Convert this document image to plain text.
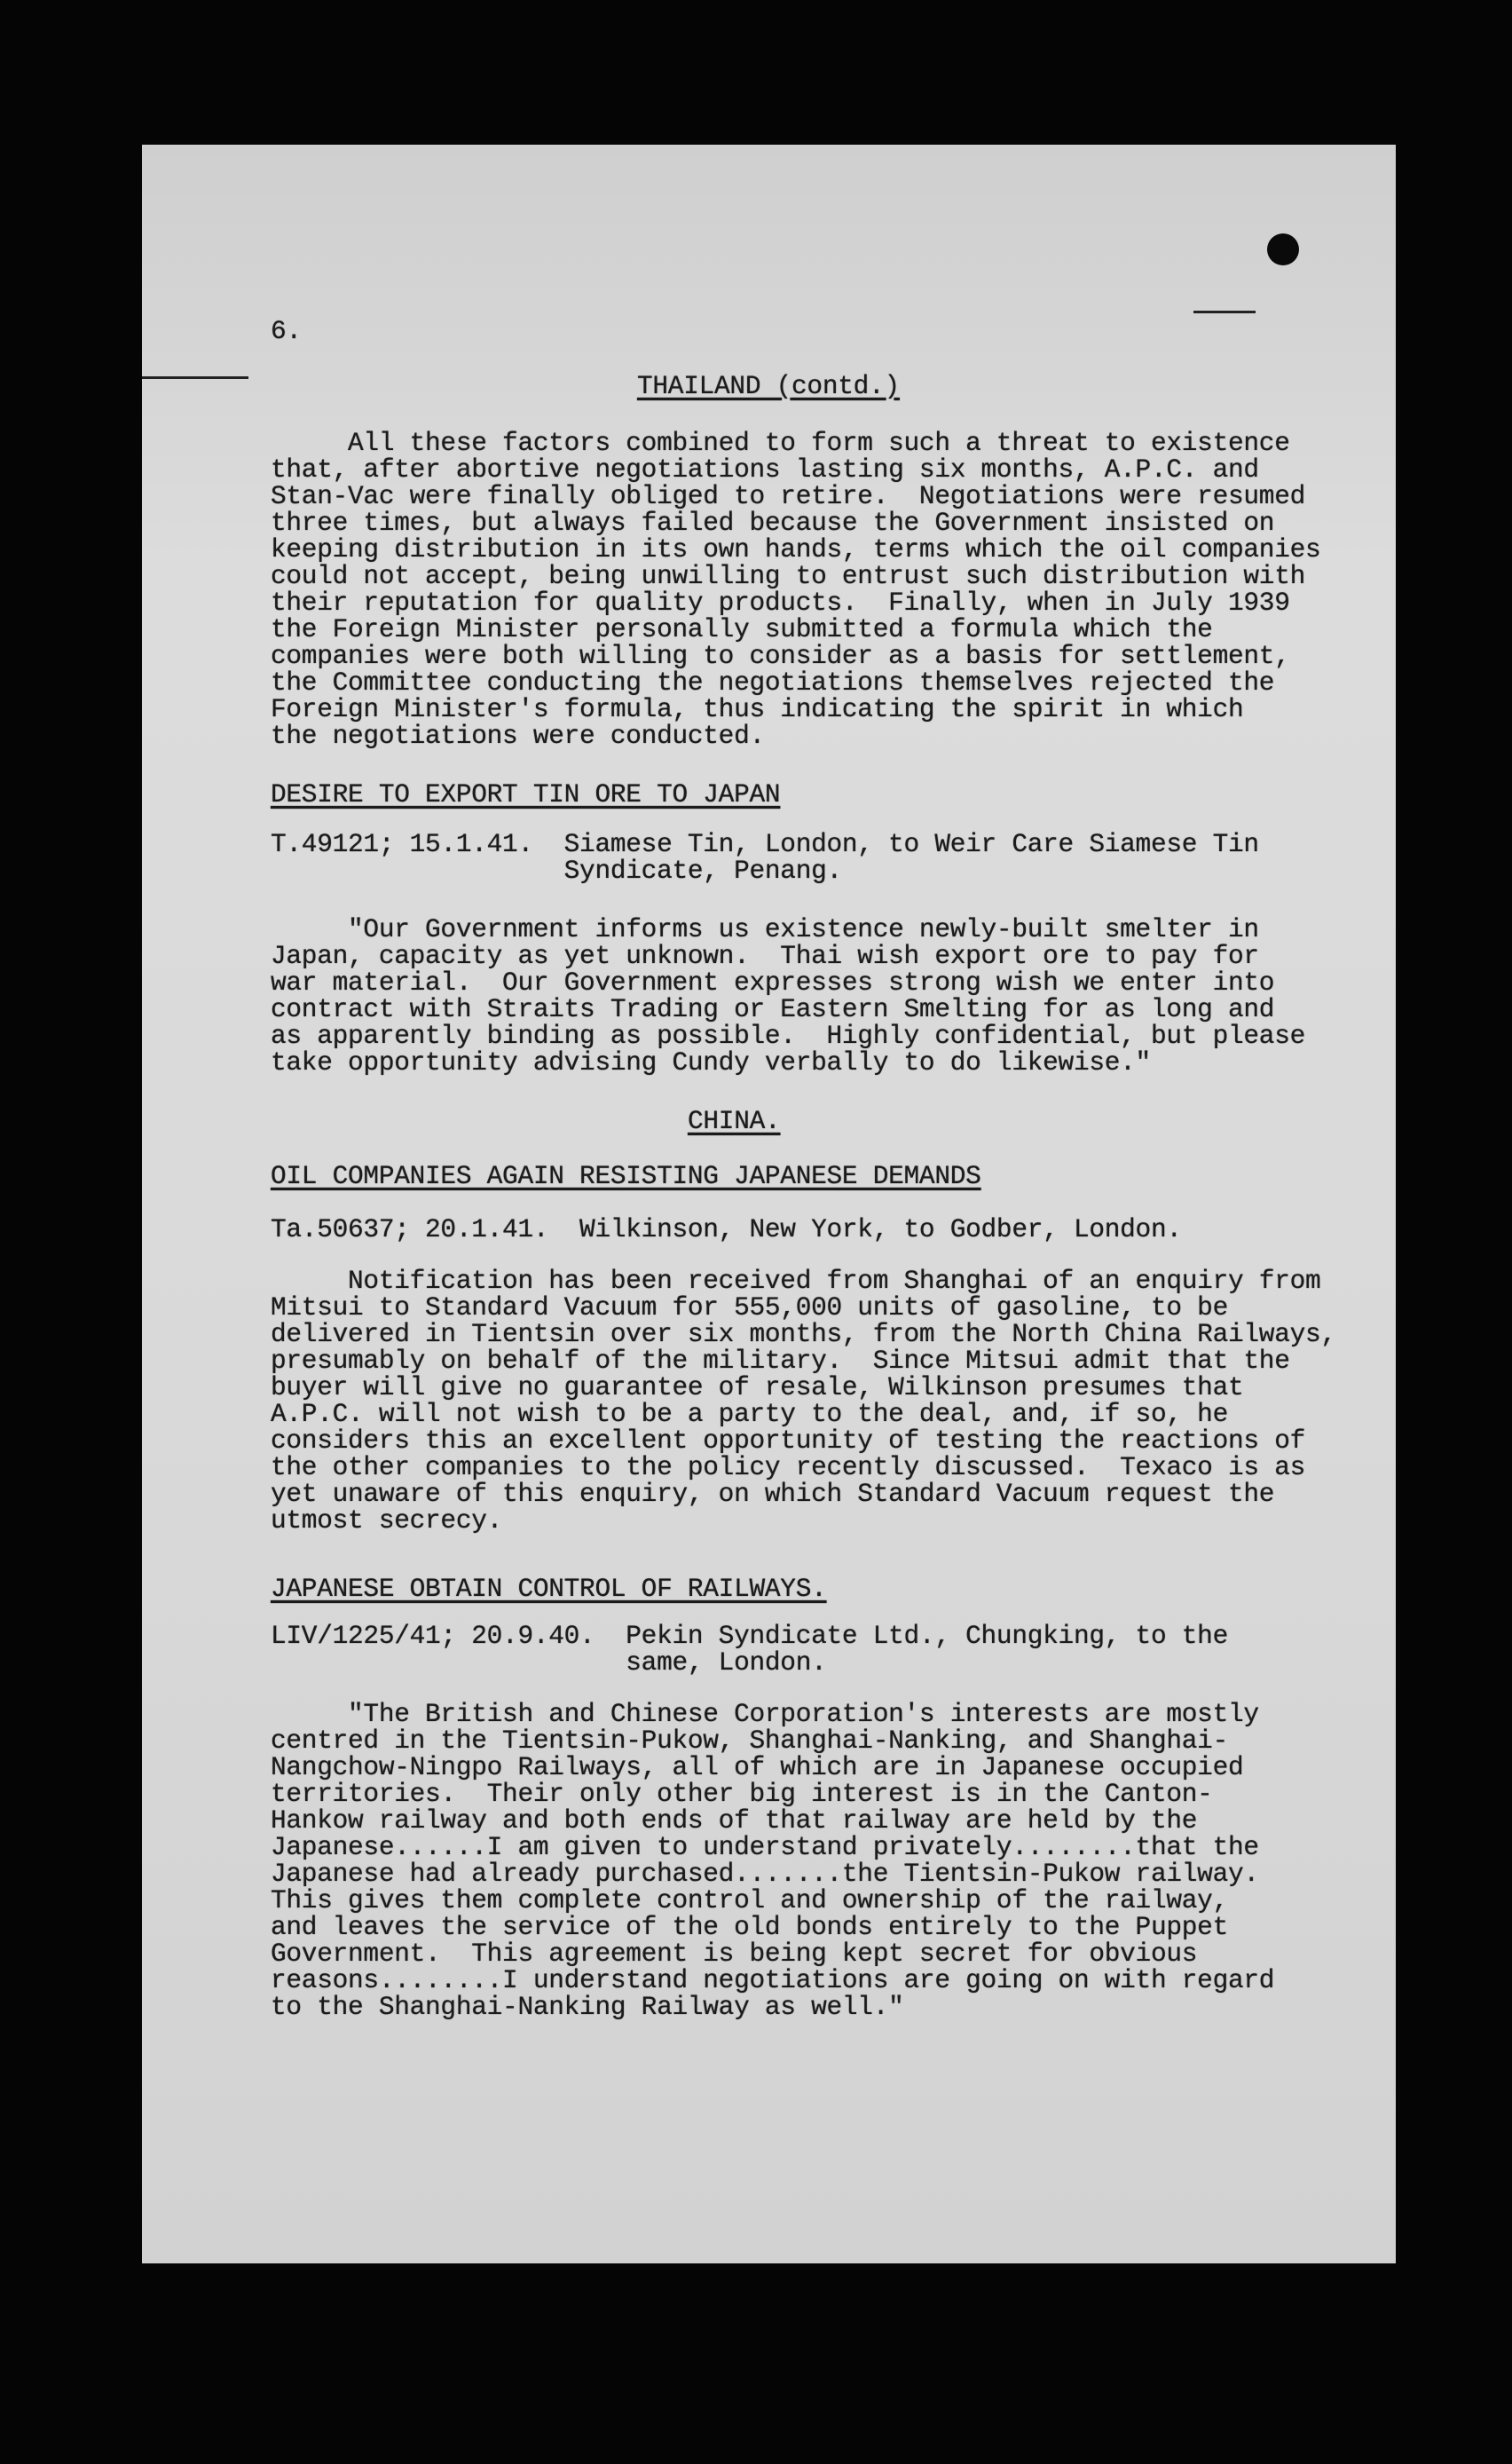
6.
THAILAND (contd.)
All these factors combined to form such a threat to existence
that, after abortive negotiations lasting six months, A.P.C. and
Stan-Vac were finally obliged to retire.  Negotiations were resumed
three times, but always failed because the Government insisted on
keeping distribution in its own hands, terms which the oil companies
could not accept, being unwilling to entrust such distribution with
their reputation for quality products.  Finally, when in July 1939
the Foreign Minister personally submitted a formula which the
companies were both willing to consider as a basis for settlement,
the Committee conducting the negotiations themselves rejected the
Foreign Minister's formula, thus indicating the spirit in which
the negotiations were conducted.
DESIRE TO EXPORT TIN ORE TO JAPAN
T.49121; 15.1.41.  Siamese Tin, London, to Weir Care Siamese Tin
Syndicate, Penang.
"Our Government informs us existence newly-built smelter in
Japan, capacity as yet unknown.  Thai wish export ore to pay for
war material.  Our Government expresses strong wish we enter into
contract with Straits Trading or Eastern Smelting for as long and
as apparently binding as possible.  Highly confidential, but please
take opportunity advising Cundy verbally to do likewise."
CHINA.
OIL COMPANIES AGAIN RESISTING JAPANESE DEMANDS
Ta.50637; 20.1.41.  Wilkinson, New York, to Godber, London.
Notification has been received from Shanghai of an enquiry from
Mitsui to Standard Vacuum for 555,000 units of gasoline, to be
delivered in Tientsin over six months, from the North China Railways,
presumably on behalf of the military.  Since Mitsui admit that the
buyer will give no guarantee of resale, Wilkinson presumes that
A.P.C. will not wish to be a party to the deal, and, if so, he
considers this an excellent opportunity of testing the reactions of
the other companies to the policy recently discussed.  Texaco is as
yet unaware of this enquiry, on which Standard Vacuum request the
utmost secrecy.
JAPANESE OBTAIN CONTROL OF RAILWAYS.
LIV/1225/41; 20.9.40.  Pekin Syndicate Ltd., Chungking, to the
same, London.
"The British and Chinese Corporation's interests are mostly
centred in the Tientsin-Pukow, Shanghai-Nanking, and Shanghai-
Nangchow-Ningpo Railways, all of which are in Japanese occupied
territories.  Their only other big interest is in the Canton-
Hankow railway and both ends of that railway are held by the
Japanese......I am given to understand privately........that the
Japanese had already purchased.......the Tientsin-Pukow railway.
This gives them complete control and ownership of the railway,
and leaves the service of the old bonds entirely to the Puppet
Government.  This agreement is being kept secret for obvious
reasons........I understand negotiations are going on with regard
to the Shanghai-Nanking Railway as well."
